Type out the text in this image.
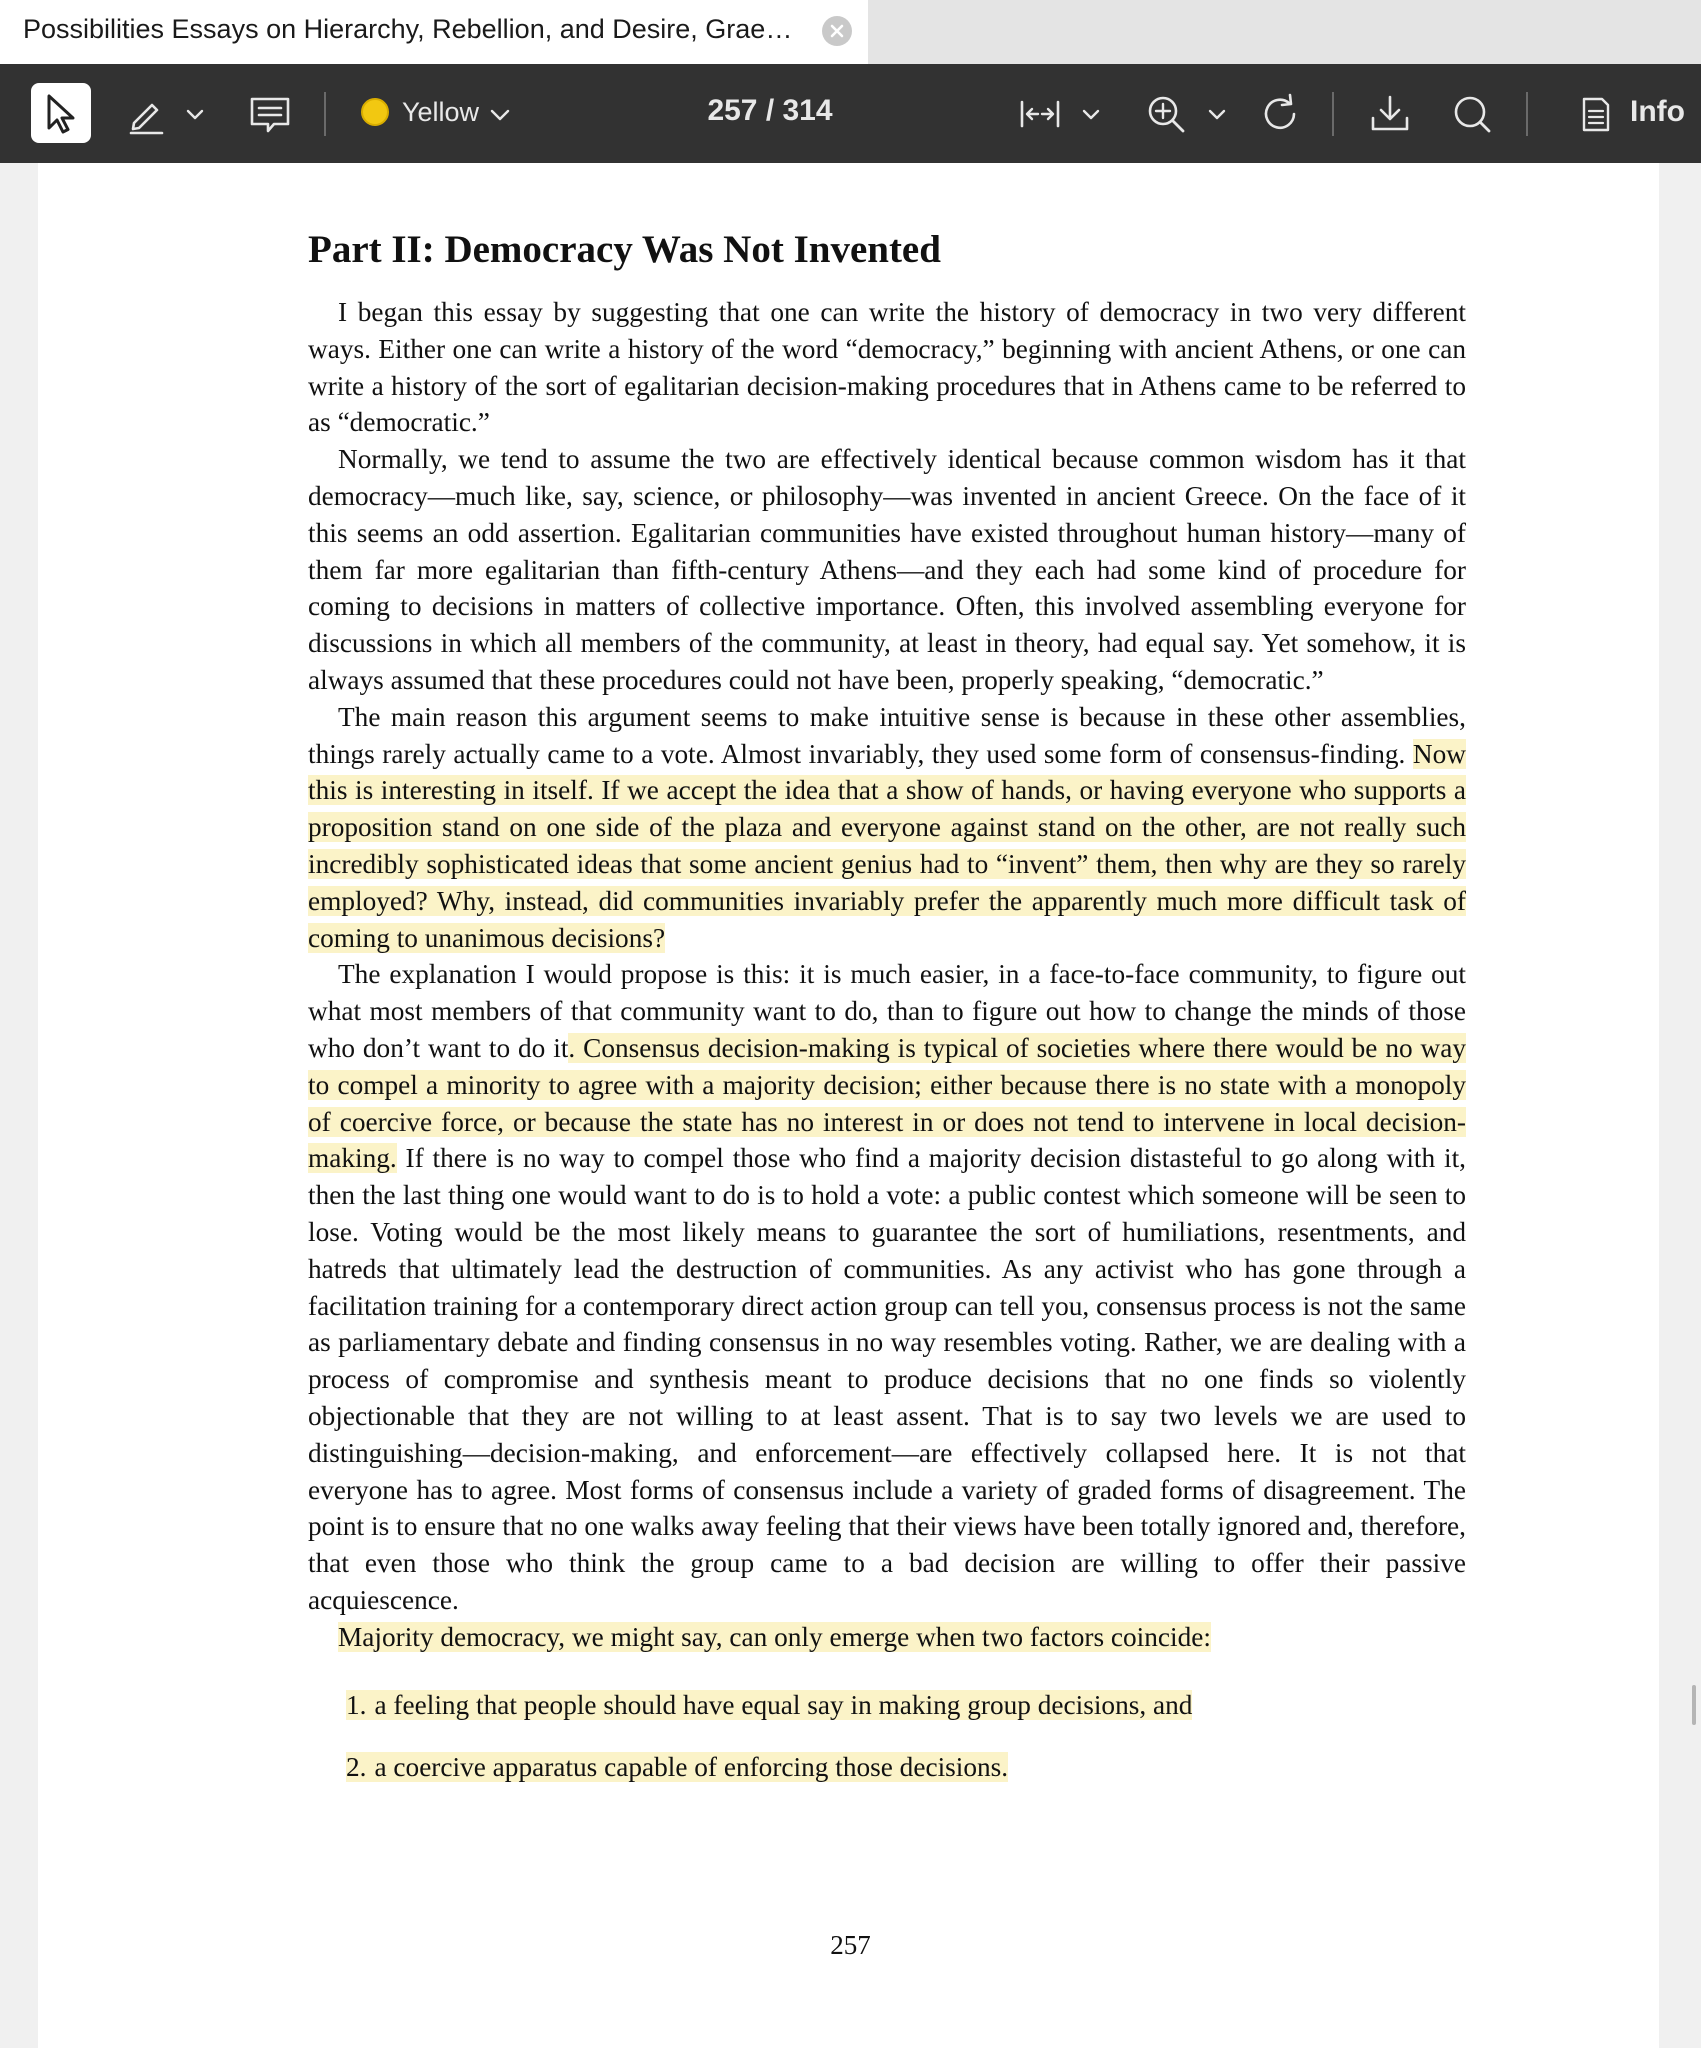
Possibilities Essays on Hierarchy, Rebellion, and Desire, Grae…
Yellow	257 / 314	Info
Part II: Democracy Was Not Invented

I began this essay by suggesting that one can write the history of democracy in two very different ways. Either one can write a history of the word “democracy,” beginning with ancient Athens, or one can write a history of the sort of egalitarian decision-making procedures that in Athens came to be referred to as “democratic.”

Normally, we tend to assume the two are effectively identical because common wisdom has it that democracy—much like, say, science, or philosophy—was invented in ancient Greece. On the face of it this seems an odd assertion. Egalitarian communities have existed throughout human history—many of them far more egalitarian than fifth-century Athens—and they each had some kind of procedure for coming to decisions in matters of collective importance. Often, this involved assembling everyone for discussions in which all members of the community, at least in theory, had equal say. Yet somehow, it is always assumed that these procedures could not have been, properly speaking, “democratic.”

The main reason this argument seems to make intuitive sense is because in these other assemblies, things rarely actually came to a vote. Almost invariably, they used some form of consensus-finding. Now this is interesting in itself. If we accept the idea that a show of hands, or having everyone who supports a proposition stand on one side of the plaza and everyone against stand on the other, are not really such incredibly sophisticated ideas that some ancient genius had to “invent” them, then why are they so rarely employed? Why, instead, did communities invariably prefer the apparently much more difficult task of coming to unanimous decisions?

The explanation I would propose is this: it is much easier, in a face-to-face community, to figure out what most members of that community want to do, than to figure out how to change the minds of those who don’t want to do it. Consensus decision-making is typical of societies where there would be no way to compel a minority to agree with a majority decision; either because there is no state with a monopoly of coercive force, or because the state has no interest in or does not tend to intervene in local decision-making. If there is no way to compel those who find a majority decision distasteful to go along with it, then the last thing one would want to do is to hold a vote: a public contest which someone will be seen to lose. Voting would be the most likely means to guarantee the sort of humiliations, resentments, and hatreds that ultimately lead the destruction of communities. As any activist who has gone through a facilitation training for a contemporary direct action group can tell you, consensus process is not the same as parliamentary debate and finding consensus in no way resembles voting. Rather, we are dealing with a process of compromise and synthesis meant to produce decisions that no one finds so violently objectionable that they are not willing to at least assent. That is to say two levels we are used to distinguishing—decision-making, and enforcement—are effectively collapsed here. It is not that everyone has to agree. Most forms of consensus include a variety of graded forms of disagreement. The point is to ensure that no one walks away feeling that their views have been totally ignored and, therefore, that even those who think the group came to a bad decision are willing to offer their passive acquiescence.

Majority democracy, we might say, can only emerge when two factors coincide:

1. a feeling that people should have equal say in making group decisions, and
2. a coercive apparatus capable of enforcing those decisions.
257
